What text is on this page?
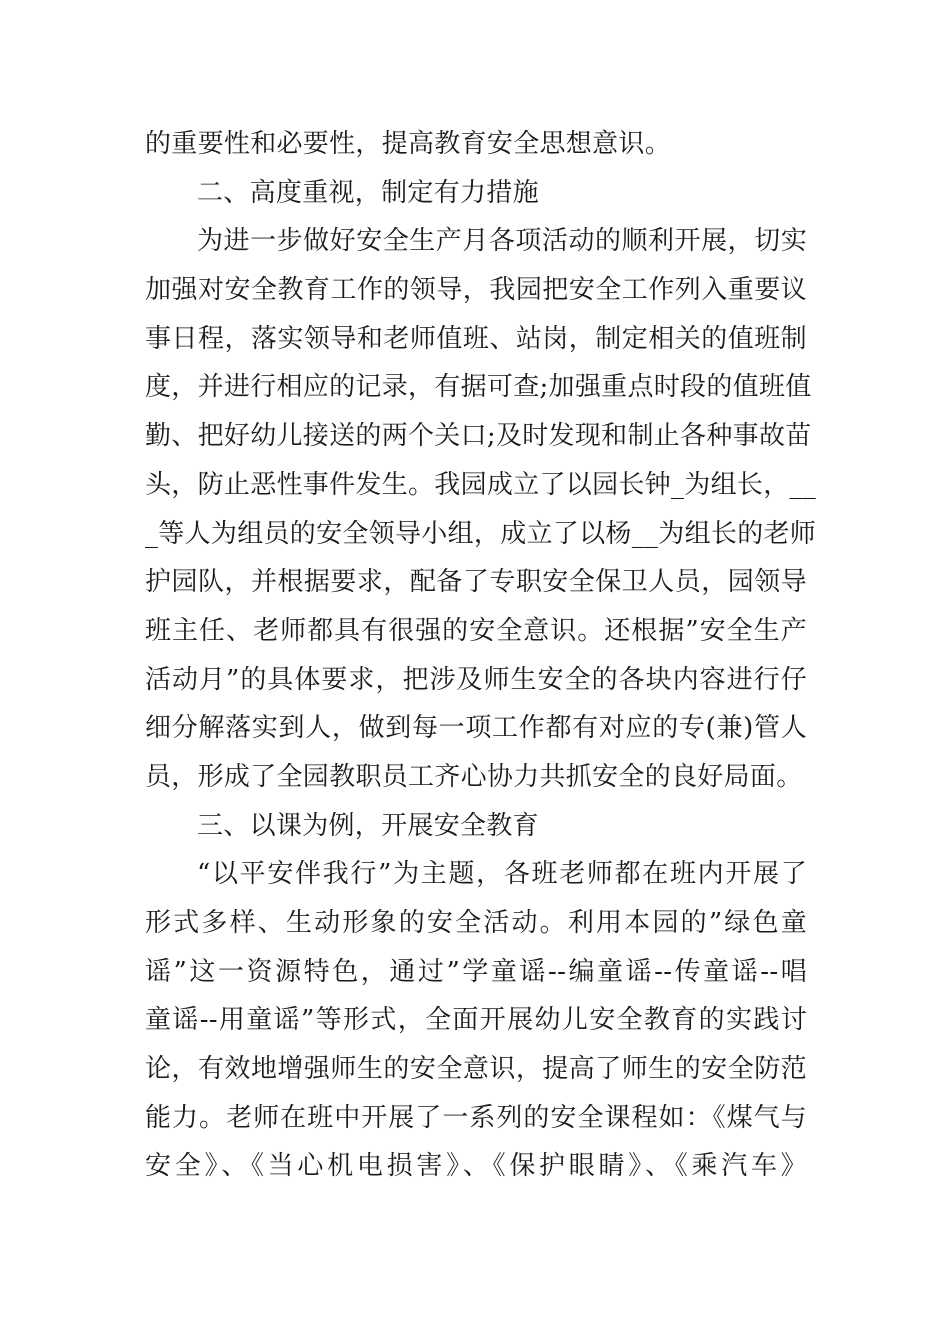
的重要性和必要性，提高教育安全思想意识。
二、高度重视，制定有力措施
为进一步做好安全生产月各项活动的顺利开展，切实
加强对安全教育工作的领导，我园把安全工作列入重要议
事日程，落实领导和老师值班、站岗，制定相关的值班制
度，并进行相应的记录，有据可查;加强重点时段的值班值
勤、把好幼儿接送的两个关口;及时发现和制止各种事故苗
头，防止恶性事件发生。我园成立了以园长钟_为组长，__
_等人为组员的安全领导小组，成立了以杨__为组长的老师
护园队，并根据要求，配备了专职安全保卫人员，园领导
班主任、老师都具有很强的安全意识。还根据”安全生产
活动月”的具体要求，把涉及师生安全的各块内容进行仔
细分解落实到人，做到每一项工作都有对应的专(兼)管人
员，形成了全园教职员工齐心协力共抓安全的良好局面。
三、以课为例，开展安全教育
“以平安伴我行”为主题，各班老师都在班内开展了
形式多样、生动形象的安全活动。利用本园的”绿色童
谣”这一资源特色，通过”学童谣--编童谣--传童谣--唱
童谣--用童谣”等形式，全面开展幼儿安全教育的实践讨
论，有效地增强师生的安全意识，提高了师生的安全防范
能力。老师在班中开展了一系列的安全课程如：《煤气与
安全》、《当心机电损害》、《保护眼睛》、《乘汽车》
